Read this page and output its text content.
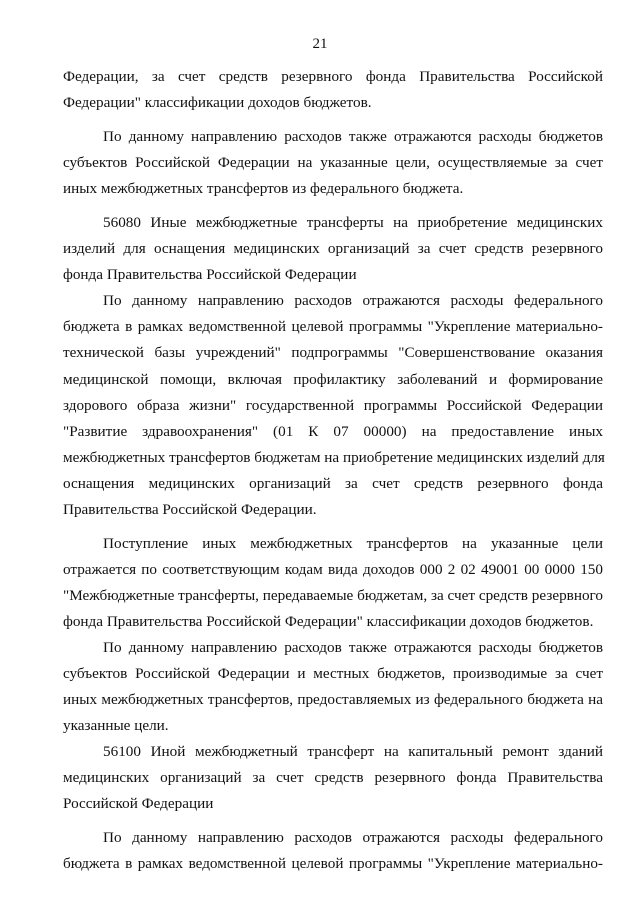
21
Федерации, за счет средств резервного фонда Правительства Российской
Федерации" классификации доходов бюджетов.
По данному направлению расходов также отражаются расходы бюджетов
субъектов Российской Федерации на указанные цели, осуществляемые за счет
иных межбюджетных трансфертов из федерального бюджета.
56080 Иные межбюджетные трансферты на приобретение медицинских
изделий для оснащения медицинских организаций за счет средств резервного
фонда Правительства Российской Федерации
По данному направлению расходов отражаются расходы федерального
бюджета в рамках ведомственной целевой программы "Укрепление материально-
технической базы учреждений" подпрограммы "Совершенствование оказания
медицинской помощи, включая профилактику заболеваний и формирование
здорового образа жизни" государственной программы Российской Федерации
"Развитие здравоохранения" (01 К 07 00000) на предоставление иных
межбюджетных трансфертов бюджетам на приобретение медицинских изделий для
оснащения медицинских организаций за счет средств резервного фонда
Правительства Российской Федерации.
Поступление иных межбюджетных трансфертов на указанные цели
отражается по соответствующим кодам вида доходов 000 2 02 49001 00 0000 150
"Межбюджетные трансферты, передаваемые бюджетам, за счет средств резервного
фонда Правительства Российской Федерации" классификации доходов бюджетов.
По данному направлению расходов также отражаются расходы бюджетов
субъектов Российской Федерации и местных бюджетов, производимые за счет
иных межбюджетных трансфертов, предоставляемых из федерального бюджета на
указанные цели.
56100 Иной межбюджетный трансферт на капитальный ремонт зданий
медицинских организаций за счет средств резервного фонда Правительства
Российской Федерации
По данному направлению расходов отражаются расходы федерального
бюджета в рамках ведомственной целевой программы "Укрепление материально-
